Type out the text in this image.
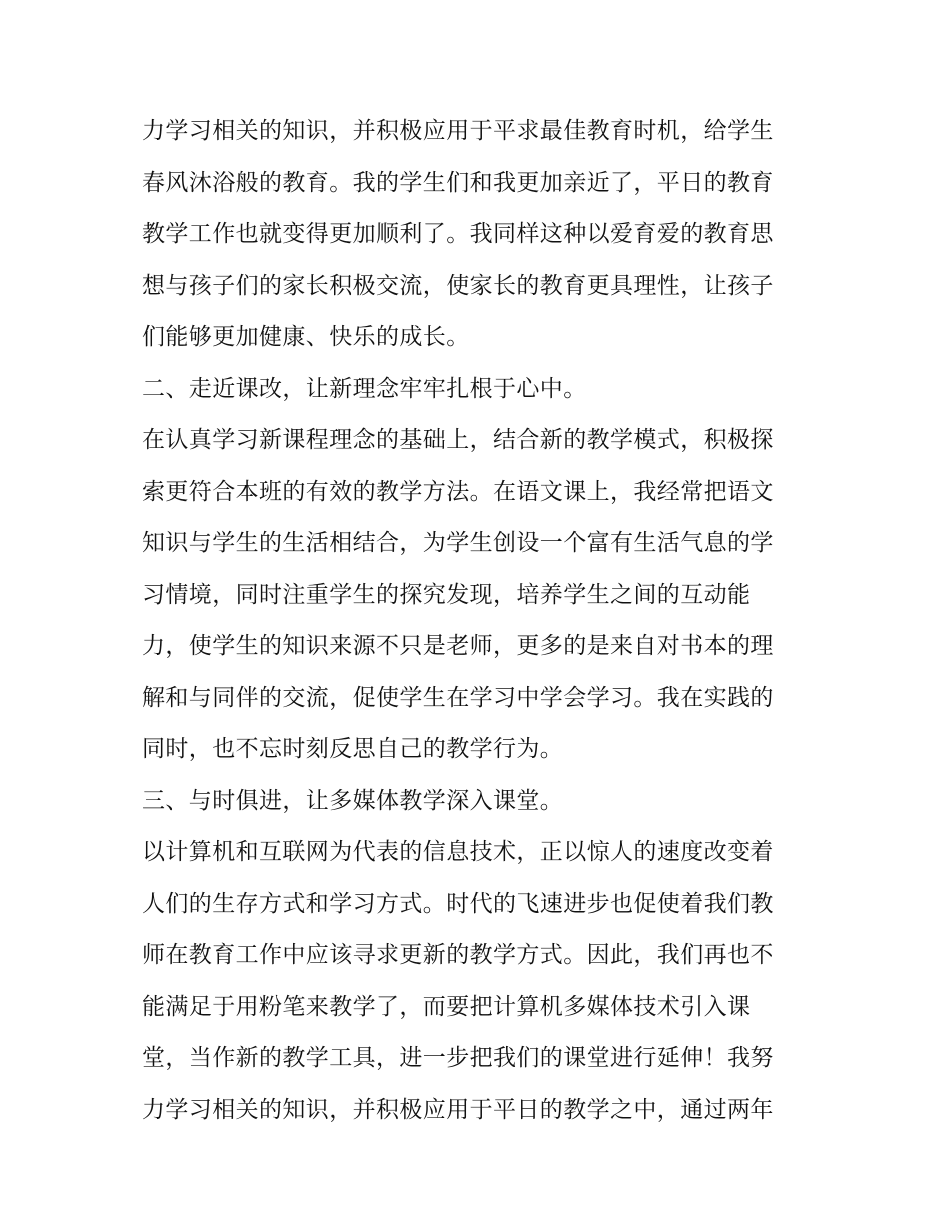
力学习相关的知识，并积极应用于平求最佳教育时机，给学生
春风沐浴般的教育。我的学生们和我更加亲近了，平日的教育
教学工作也就变得更加顺利了。我同样这种以爱育爱的教育思
想与孩子们的家长积极交流，使家长的教育更具理性，让孩子
们能够更加健康、快乐的成长。
二、走近课改，让新理念牢牢扎根于心中。
在认真学习新课程理念的基础上，结合新的教学模式，积极探
索更符合本班的有效的教学方法。在语文课上，我经常把语文
知识与学生的生活相结合，为学生创设一个富有生活气息的学
习情境，同时注重学生的探究发现，培养学生之间的互动能
力，使学生的知识来源不只是老师，更多的是来自对书本的理
解和与同伴的交流，促使学生在学习中学会学习。我在实践的
同时，也不忘时刻反思自己的教学行为。
三、与时俱进，让多媒体教学深入课堂。
以计算机和互联网为代表的信息技术，正以惊人的速度改变着
人们的生存方式和学习方式。时代的飞速进步也促使着我们教
师在教育工作中应该寻求更新的教学方式。因此，我们再也不
能满足于用粉笔来教学了，而要把计算机多媒体技术引入课
堂，当作新的教学工具，进一步把我们的课堂进行延伸！我努
力学习相关的知识，并积极应用于平日的教学之中，通过两年
